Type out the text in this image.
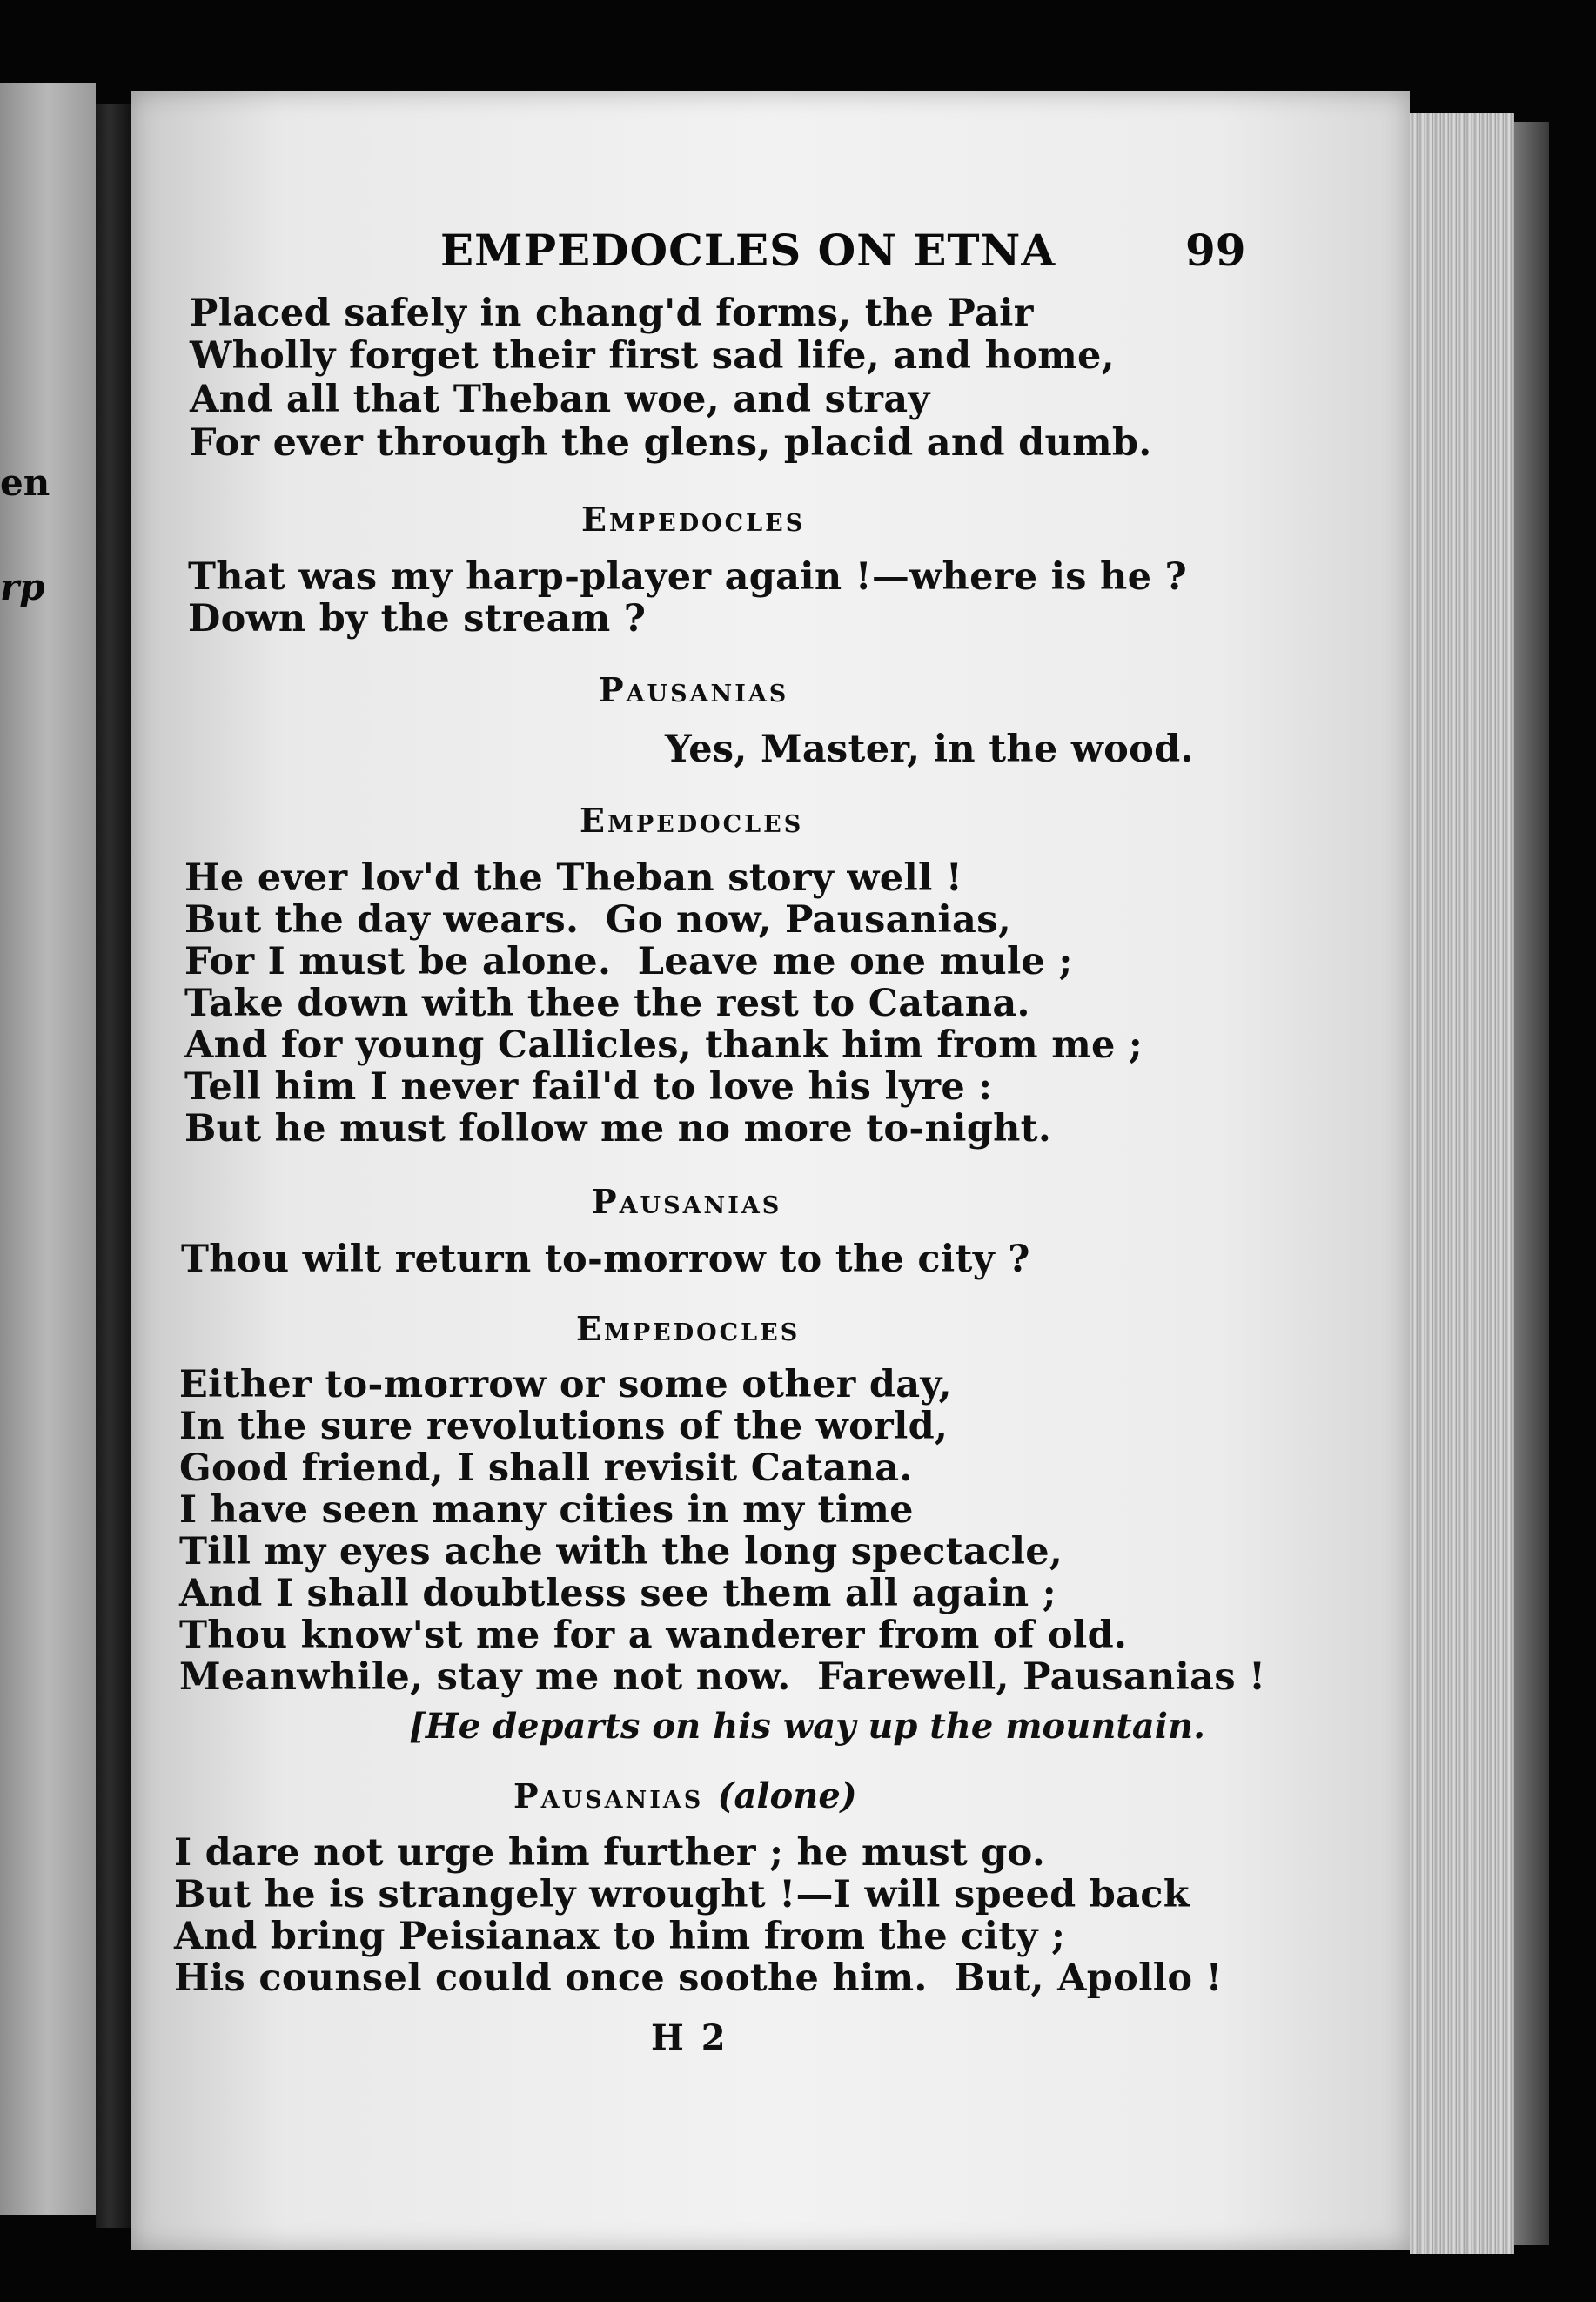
en
rp
EMPEDOCLES ON ETNA	99
Placed safely in chang'd forms, the Pair
Wholly forget their first sad life, and home,
And all that Theban woe, and stray
For ever through the glens, placid and dumb.
Empedocles
That was my harp-player again !—where is he ?
Down by the stream ?
Pausanias
Yes, Master, in the wood.
Empedocles
He ever lov'd the Theban story well !
But the day wears.  Go now, Pausanias,
For I must be alone.  Leave me one mule ;
Take down with thee the rest to Catana.
And for young Callicles, thank him from me ;
Tell him I never fail'd to love his lyre :
But he must follow me no more to-night.
Pausanias
Thou wilt return to-morrow to the city ?
Empedocles
Either to-morrow or some other day,
In the sure revolutions of the world,
Good friend, I shall revisit Catana.
I have seen many cities in my time
Till my eyes ache with the long spectacle,
And I shall doubtless see them all again ;
Thou know'st me for a wanderer from of old.
Meanwhile, stay me not now.  Farewell, Pausanias !
[He departs on his way up the mountain.
Pausanias (alone)
I dare not urge him further ; he must go.
But he is strangely wrought !—I will speed back
And bring Peisianax to him from the city ;
His counsel could once soothe him.  But, Apollo !
H 2
